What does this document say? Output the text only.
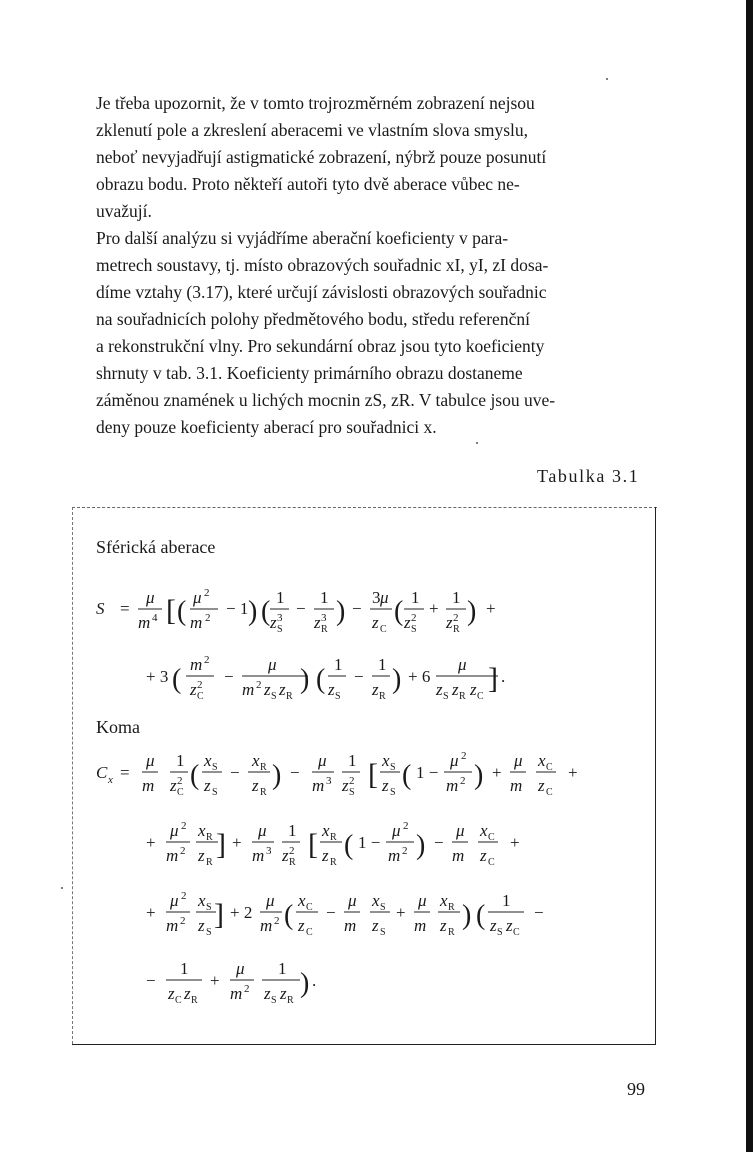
Je třeba upozornit, že v tomto trojrozměrném zobrazení nejsou
zklenutí pole a zkreslení aberacemi ve vlastním slova smyslu,
neboť nevyjadřují astigmatické zobrazení, nýbrž pouze posunutí
obrazu bodu. Proto někteří autoři tyto dvě aberace vůbec ne-
uvažují.
Pro další analýzu si vyjádříme aberační koeficienty v para-
metrech soustavy, tj. místo obrazových souřadnic xI, yI, zI dosa-
díme vztahy (3.17), které určují závislosti obrazových souřadnic
na souřadnicích polohy předmětového bodu, středu referenční
a rekonstrukční vlny. Pro sekundární obraz jsou tyto koeficienty
shrnuty v tab. 3.1. Koeficienty primárního obrazu dostaneme
záměnou znamének u lichých mocnin zS, zR. V tabulce jsou uve-
deny pouze koeficienty aberací pro souřadnici x.
Tabulka 3.1
Sférická aberace
Koma
S =
μ
m 4 [ ( μ 2
m 2 − 1 ) ( 1
z 3
S
−
1
z 3
R
) −
3 μ
z C
( 1
z 2
S
+
1
z 2
R
) +
+ 3 ( m 2
z 2
C
−
μ
m 2 z S z R
) ( 1
z S
−
1
z R
) + 6
μ
z S z R z C
] .
C x =
μ
m
1
z 2
C
( x S
z S
−
x R
z R
) −
μ
m 3
1
z 2
S
[ x S
z S
( 1 −
μ 2
m 2 ) +
μ
m
x C
z C
+
+
μ 2
m 2
x R
z R
] +
μ
m 3
1
z 2
R
[ x R
z R
( 1 −
μ 2
m 2 ) −
μ
m
x C
z C
+
+
μ 2
m 2
x S
z S
] + 2
μ
m 2 ( x C
z C
−
μ
m
x S
z S
+
μ
m
x R
z R
) ( 1
z S z C
−
−
1
z C z R
+
μ
m 2
1
z S z R
) .
99
